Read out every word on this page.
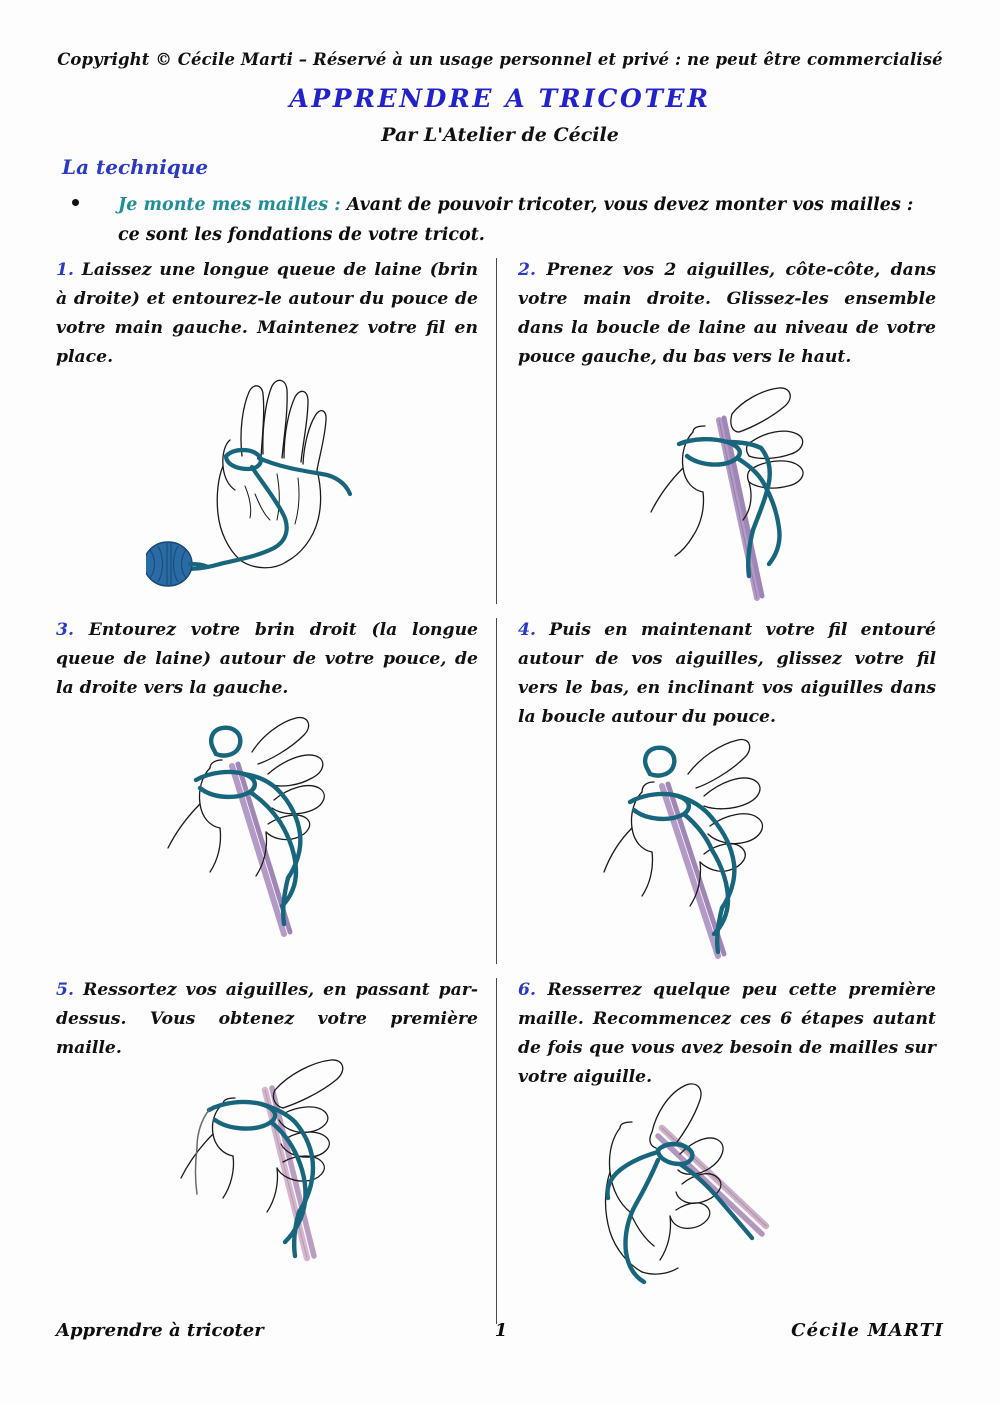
Copyright © Cécile Marti – Réservé à un usage personnel et privé : ne peut être commercialisé
APPRENDRE A TRICOTER
Par L'Atelier de Cécile
La technique
Je monte mes mailles : Avant de pouvoir tricoter, vous devez monter vos mailles : ce sont les fondations de votre tricot.
1. Laissez une longue queue de laine (brin à droite) et entourez-le autour du pouce de votre main gauche. Maintenez votre fil en place.
2. Prenez vos 2 aiguilles, côte-côte, dans votre main droite. Glissez-les ensemble dans la boucle de laine au niveau de votre pouce gauche, du bas vers le haut.
3. Entourez votre brin droit (la longue queue de laine) autour de votre pouce, de la droite vers la gauche.
4. Puis en maintenant votre fil entouré autour de vos aiguilles, glissez votre fil vers le bas, en inclinant vos aiguilles dans la boucle autour du pouce.
5. Ressortez vos aiguilles, en passant par-dessus. Vous obtenez votre première maille.
6. Resserrez quelque peu cette première maille. Recommencez ces 6 étapes autant de fois que vous avez besoin de mailles sur votre aiguille.
Apprendre à tricoter	1	Cécile MARTI
